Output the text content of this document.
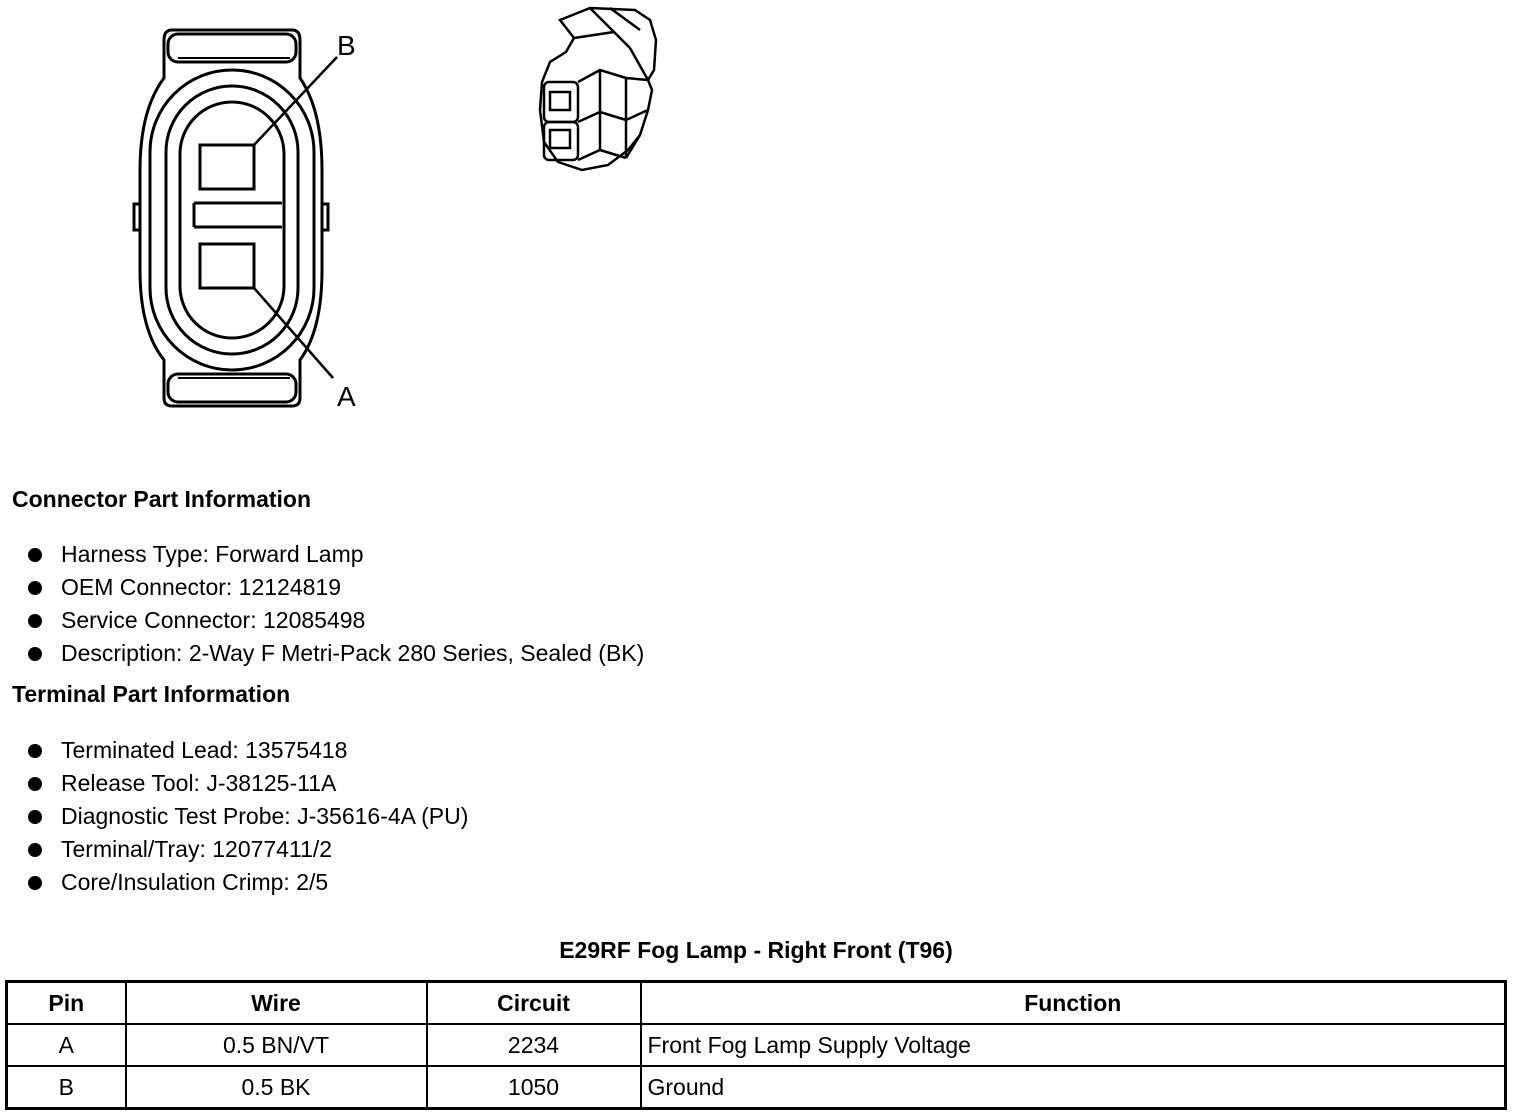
B
A
Connector Part Information
Harness Type: Forward Lamp
OEM Connector: 12124819
Service Connector: 12085498
Description: 2-Way F Metri-Pack 280 Series, Sealed (BK)
Terminal Part Information
Terminated Lead: 13575418
Release Tool: J-38125-11A
Diagnostic Test Probe: J-35616-4A (PU)
Terminal/Tray: 12077411/2
Core/Insulation Crimp: 2/5
E29RF Fog Lamp - Right Front (T96)
Pin	Wire	Circuit	Function
A	0.5 BN/VT	2234	Front Fog Lamp Supply Voltage
B	0.5 BK	1050	Ground
